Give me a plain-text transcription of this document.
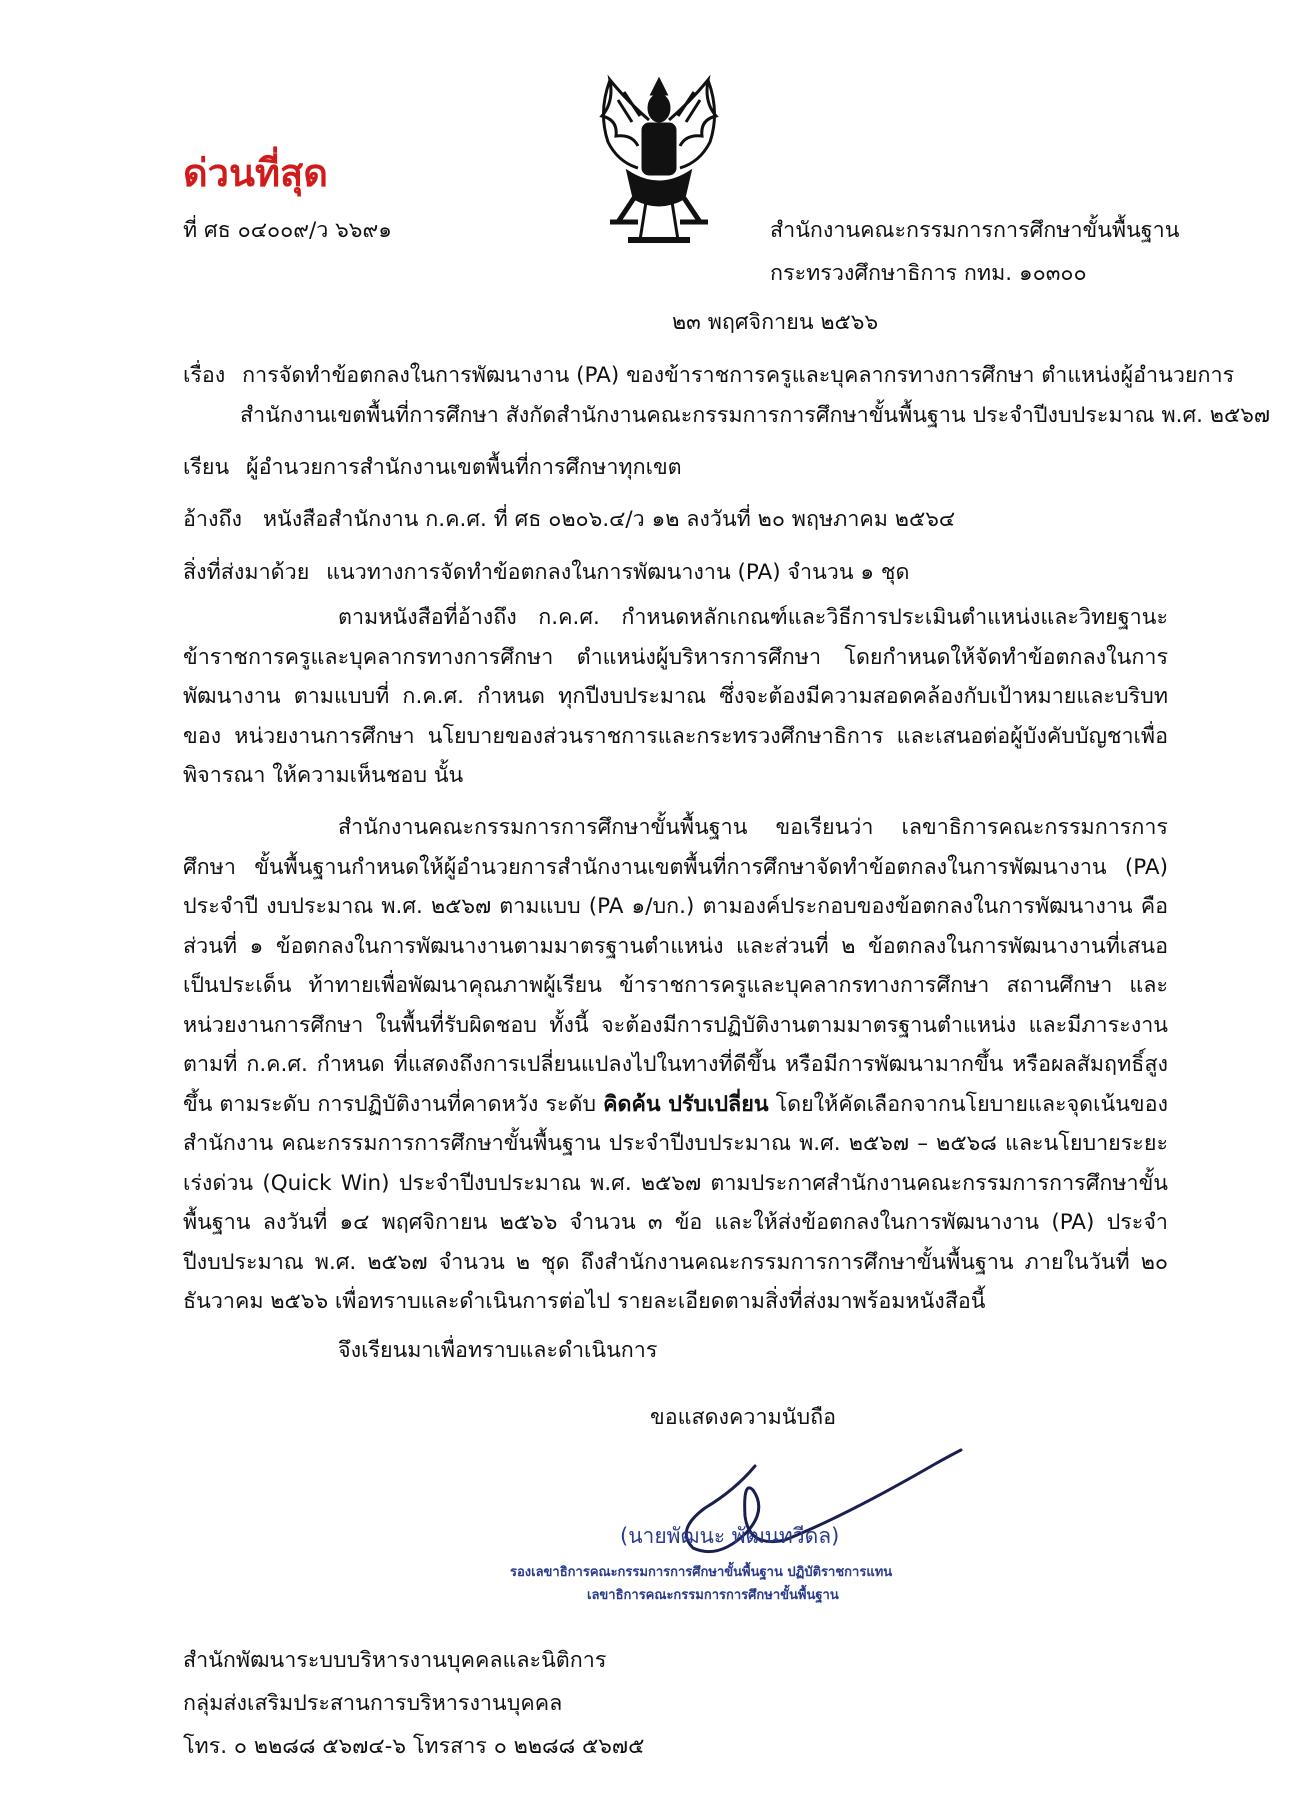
ด่วนที่สุด
ที่ ศธ ๐๔๐๐๙/ว ๖๖๙๑	สำนักงานคณะกรรมการการศึกษาขั้นพื้นฐาน
กระทรวงศึกษาธิการ กทม. ๑๐๓๐๐
๒๓ พฤศจิกายน ๒๕๖๖
เรื่อง การจัดทำข้อตกลงในการพัฒนางาน (PA) ของข้าราชการครูและบุคลากรทางการศึกษา ตำแหน่งผู้อำนวยการ
สำนักงานเขตพื้นที่การศึกษา สังกัดสำนักงานคณะกรรมการการศึกษาขั้นพื้นฐาน ประจำปีงบประมาณ พ.ศ. ๒๕๖๗
เรียน ผู้อำนวยการสำนักงานเขตพื้นที่การศึกษาทุกเขต
อ้างถึง หนังสือสำนักงาน ก.ค.ศ. ที่ ศธ ๐๒๐๖.๔/ว ๑๒ ลงวันที่ ๒๐ พฤษภาคม ๒๕๖๔
สิ่งที่ส่งมาด้วย แนวทางการจัดทำข้อตกลงในการพัฒนางาน (PA) จำนวน ๑ ชุด
ตามหนังสือที่อ้างถึง ก.ค.ศ. กำหนดหลักเกณฑ์และวิธีการประเมินตำแหน่งและวิทยฐานะ ข้าราชการครูและบุคลากรทางการศึกษา ตำแหน่งผู้บริหารการศึกษา โดยกำหนดให้จัดทำข้อตกลงในการพัฒนางาน ตามแบบที่ ก.ค.ศ. กำหนด ทุกปีงบประมาณ ซึ่งจะต้องมีความสอดคล้องกับเป้าหมายและบริบทของ หน่วยงานการศึกษา นโยบายของส่วนราชการและกระทรวงศึกษาธิการ และเสนอต่อผู้บังคับบัญชาเพื่อพิจารณา ให้ความเห็นชอบ นั้น
สำนักงานคณะกรรมการการศึกษาขั้นพื้นฐาน ขอเรียนว่า เลขาธิการคณะกรรมการการศึกษา ขั้นพื้นฐานกำหนดให้ผู้อำนวยการสำนักงานเขตพื้นที่การศึกษาจัดทำข้อตกลงในการพัฒนางาน (PA) ประจำปี งบประมาณ พ.ศ. ๒๕๖๗ ตามแบบ (PA ๑/บก.) ตามองค์ประกอบของข้อตกลงในการพัฒนางาน คือ ส่วนที่ ๑ ข้อตกลงในการพัฒนางานตามมาตรฐานตำแหน่ง และส่วนที่ ๒ ข้อตกลงในการพัฒนางานที่เสนอเป็นประเด็น ท้าทายเพื่อพัฒนาคุณภาพผู้เรียน ข้าราชการครูและบุคลากรทางการศึกษา สถานศึกษา และหน่วยงานการศึกษา ในพื้นที่รับผิดชอบ ทั้งนี้ จะต้องมีการปฏิบัติงานตามมาตรฐานตำแหน่ง และมีภาระงานตามที่ ก.ค.ศ. กำหนด ที่แสดงถึงการเปลี่ยนแปลงไปในทางที่ดีขึ้น หรือมีการพัฒนามากขึ้น หรือผลสัมฤทธิ์สูงขึ้น ตามระดับ การปฏิบัติงานที่คาดหวัง ระดับ คิดค้น ปรับเปลี่ยน โดยให้คัดเลือกจากนโยบายและจุดเน้นของสำนักงาน คณะกรรมการการศึกษาขั้นพื้นฐาน ประจำปีงบประมาณ พ.ศ. ๒๕๖๗ – ๒๕๖๘ และนโยบายระยะเร่งด่วน (Quick Win) ประจำปีงบประมาณ พ.ศ. ๒๕๖๗ ตามประกาศสำนักงานคณะกรรมการการศึกษาขั้นพื้นฐาน ลงวันที่ ๑๔ พฤศจิกายน ๒๕๖๖ จำนวน ๓ ข้อ และให้ส่งข้อตกลงในการพัฒนางาน (PA) ประจำปีงบประมาณ พ.ศ. ๒๕๖๗ จำนวน ๒ ชุด ถึงสำนักงานคณะกรรมการการศึกษาขั้นพื้นฐาน ภายในวันที่ ๒๐ ธันวาคม ๒๕๖๖ เพื่อทราบและดำเนินการต่อไป รายละเอียดตามสิ่งที่ส่งมาพร้อมหนังสือนี้
จึงเรียนมาเพื่อทราบและดำเนินการ
ขอแสดงความนับถือ
(นายพัฒนะ พัฒนทวีดล)
รองเลขาธิการคณะกรรมการการศึกษาขั้นพื้นฐาน ปฏิบัติราชการแทน
เลขาธิการคณะกรรมการการศึกษาขั้นพื้นฐาน
สำนักพัฒนาระบบบริหารงานบุคคลและนิติการ
กลุ่มส่งเสริมประสานการบริหารงานบุคคล
โทร. ๐ ๒๒๘๘ ๕๖๗๔-๖ โทรสาร ๐ ๒๒๘๘ ๕๖๗๕
